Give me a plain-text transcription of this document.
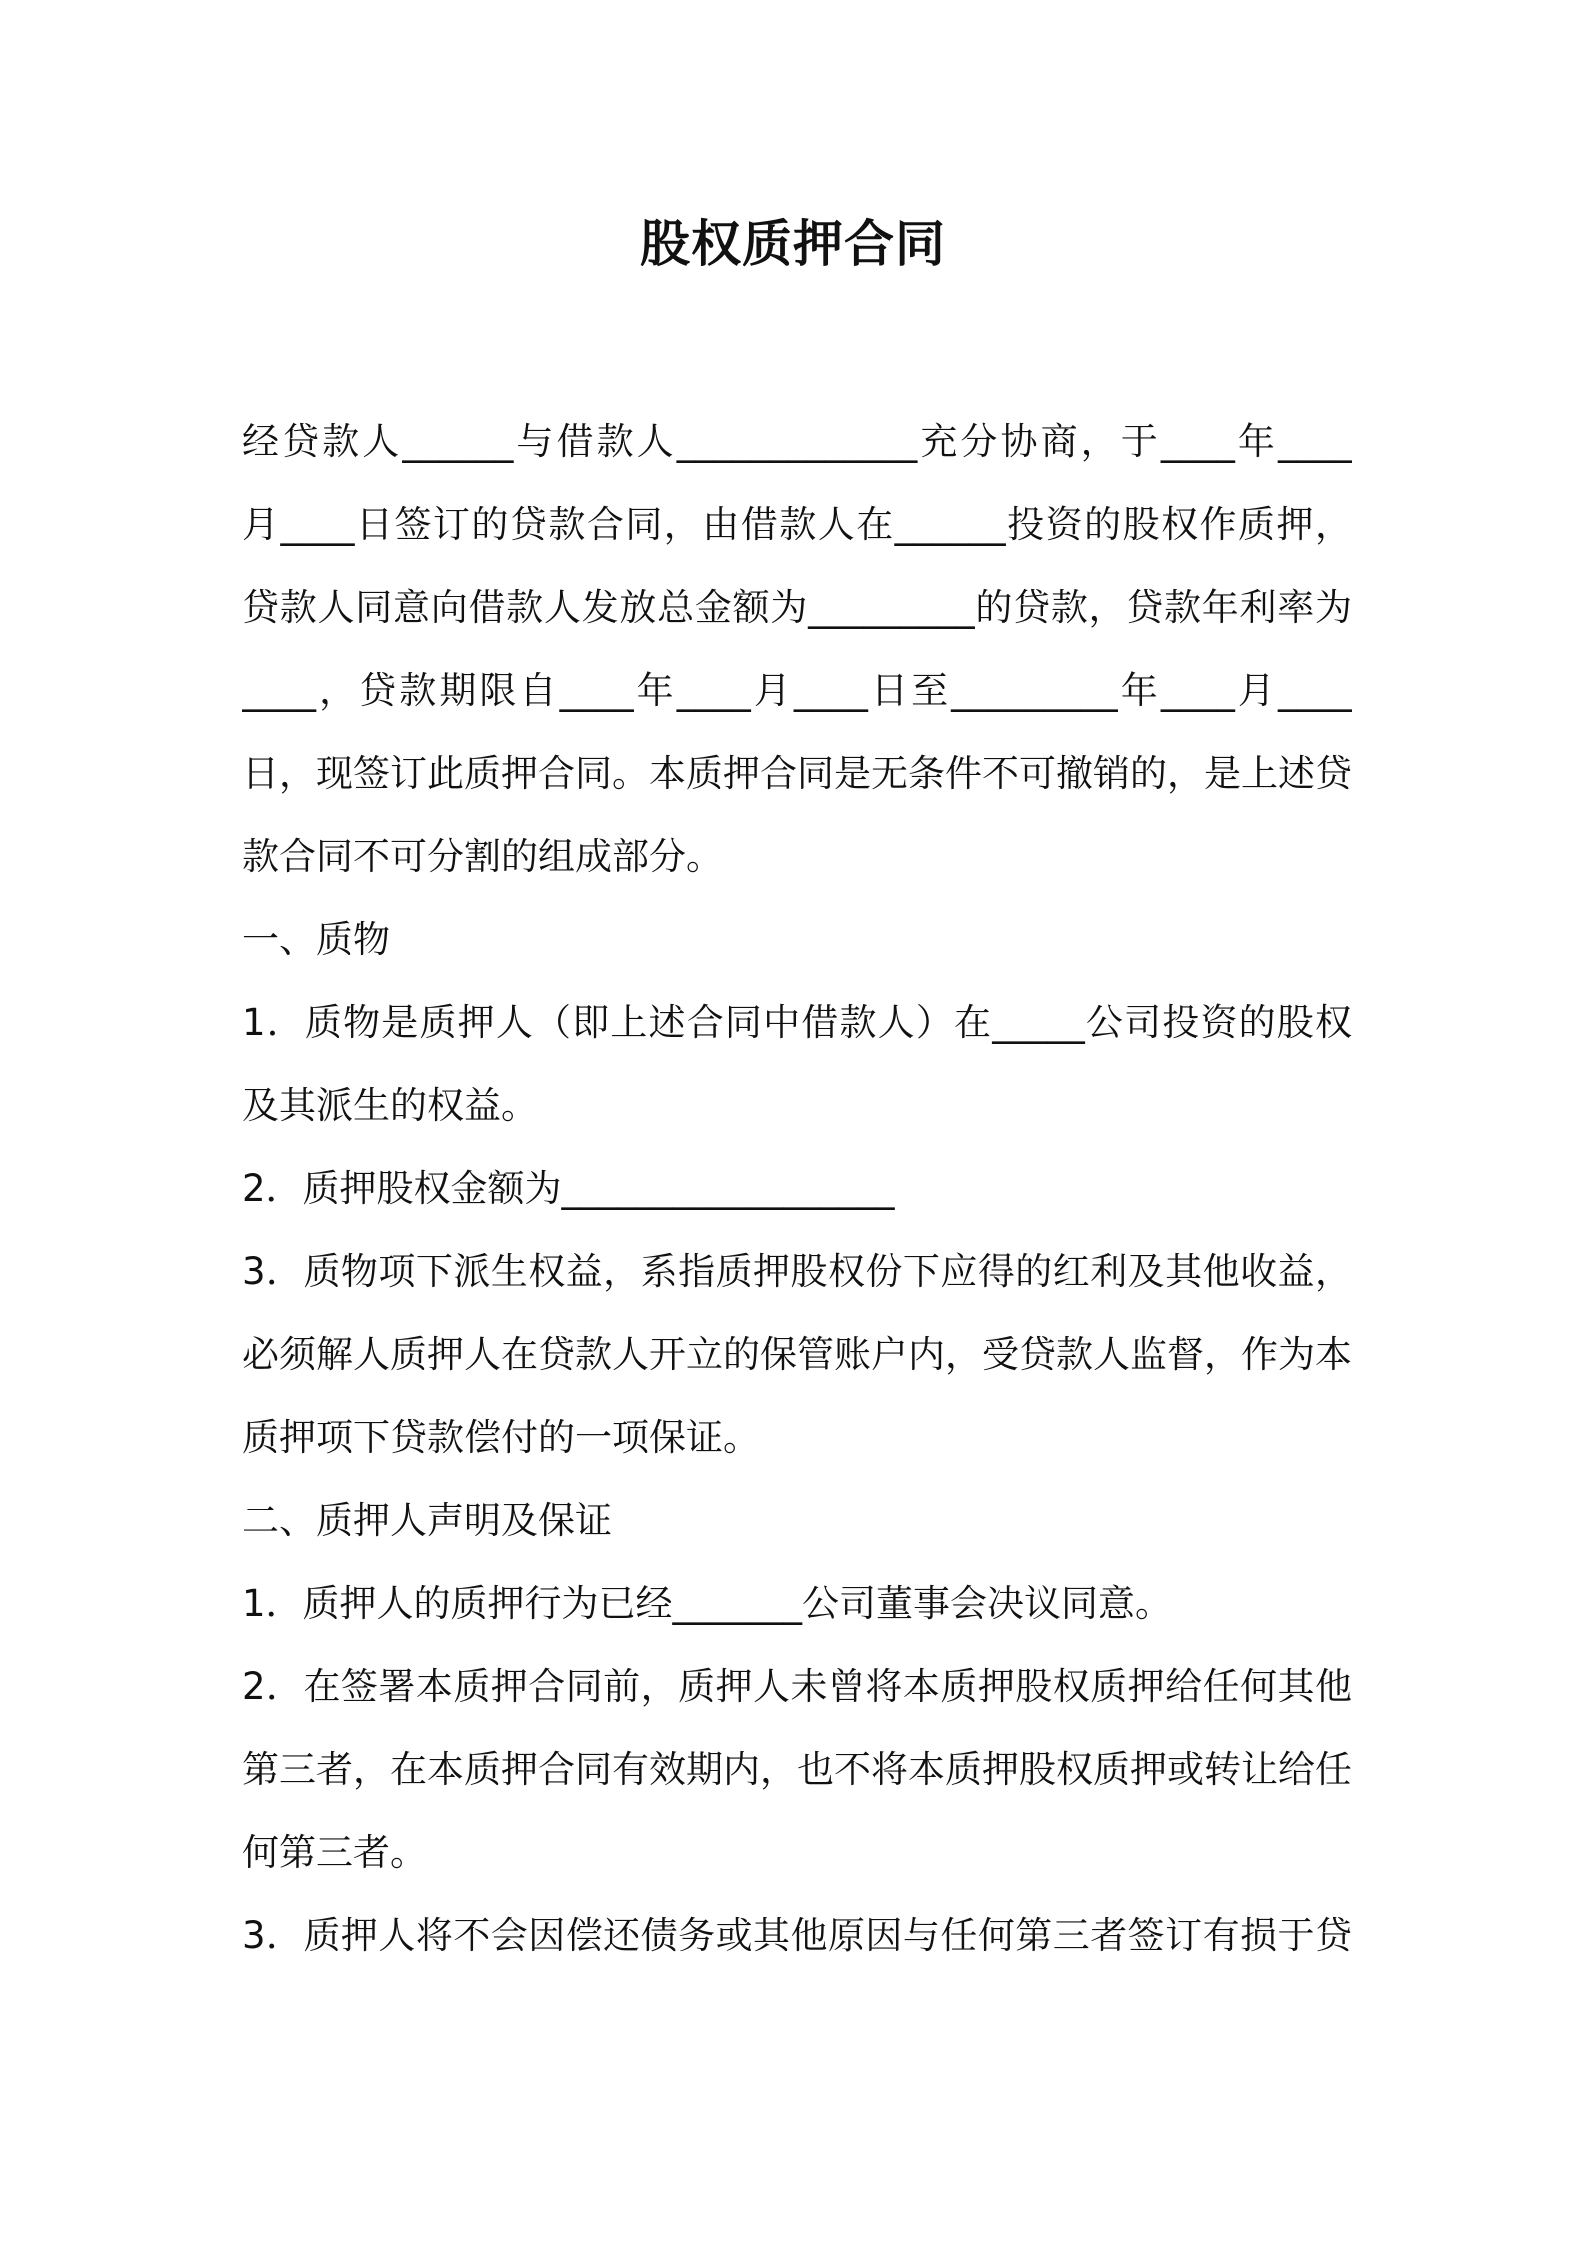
股权质押合同
经贷款人______与借款人_____________充分协商，于____年____
月____日签订的贷款合同，由借款人在______投资的股权作质押，
贷款人同意向借款人发放总金额为_________的贷款，贷款年利率为
____，贷款期限自____年____月____日至_________年____月____
日，现签订此质押合同。本质押合同是无条件不可撤销的，是上述贷
款合同不可分割的组成部分。
一、质物
1．质物是质押人（即上述合同中借款人）在_____公司投资的股权
及其派生的权益。
2．质押股权金额为__________________
3．质物项下派生权益，系指质押股权份下应得的红利及其他收益，
必须解人质押人在贷款人开立的保管账户内，受贷款人监督，作为本
质押项下贷款偿付的一项保证。
二、质押人声明及保证
1．质押人的质押行为已经_______公司董事会决议同意。
2．在签署本质押合同前，质押人未曾将本质押股权质押给任何其他
第三者，在本质押合同有效期内，也不将本质押股权质押或转让给任
何第三者。
3．质押人将不会因偿还债务或其他原因与任何第三者签订有损于贷
